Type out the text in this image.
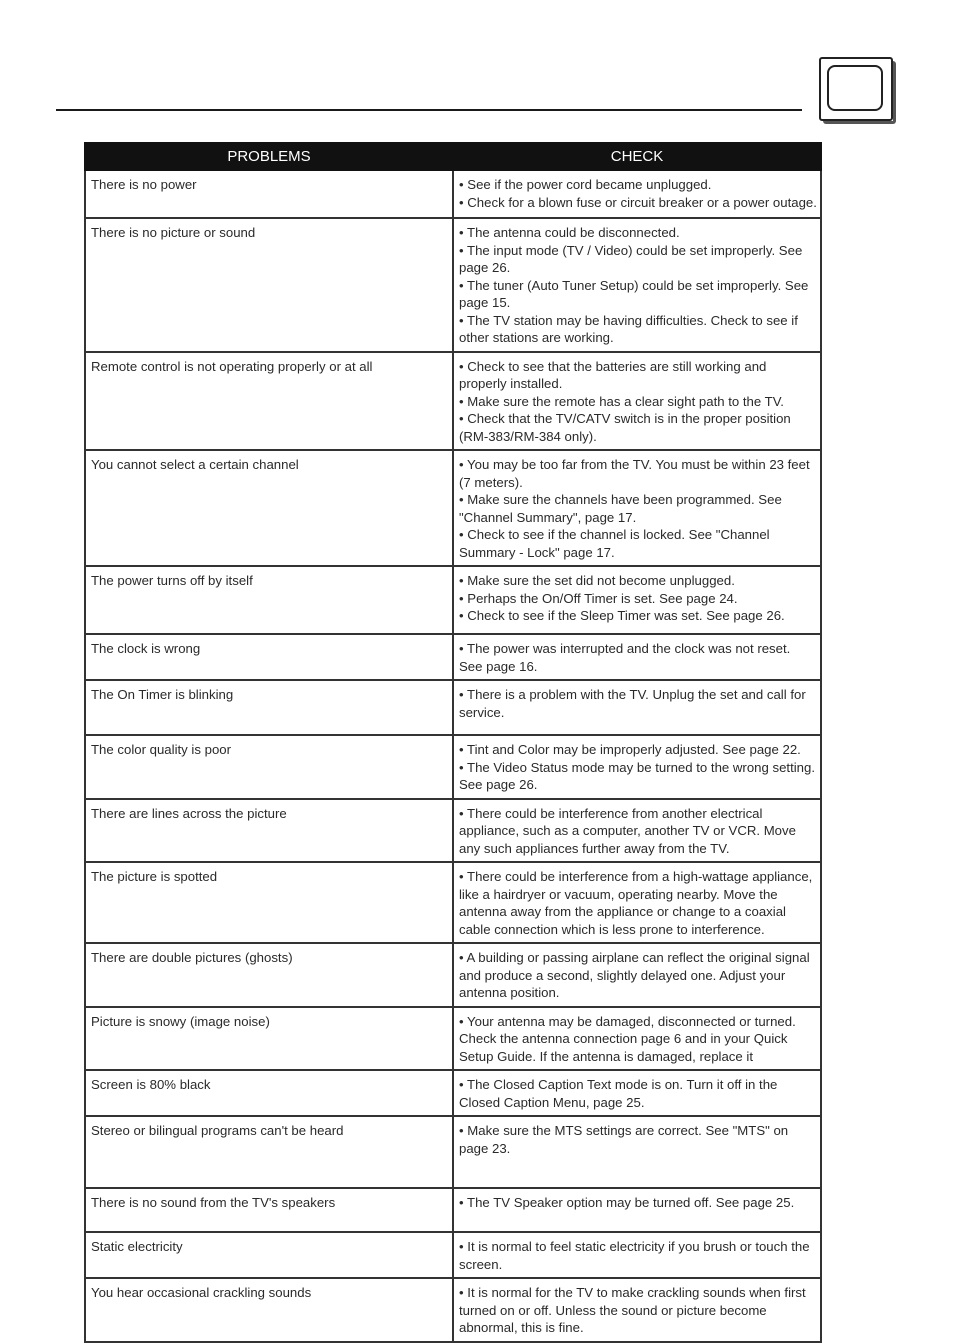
PROBLEMS	CHECK
There is no power	• See if the power cord became unplugged.
• Check for a blown fuse or circuit breaker or a power outage.

There is no picture or sound	• The antenna could be disconnected.
• The input mode (TV / Video) could be set improperly. See page 26.
• The tuner (Auto Tuner Setup) could be set improperly. See page 15.
• The TV station may be having difficulties. Check to see if other stations are working.

Remote control is not operating properly or at all	• Check to see that the batteries are still working and properly installed.
• Make sure the remote has a clear sight path to the TV.
• Check that the TV/CATV switch is in the proper position (RM-383/RM-384 only).

You cannot select a certain channel	• You may be too far from the TV. You must be within 23 feet (7 meters).
• Make sure the channels have been programmed. See "Channel Summary", page 17.
• Check to see if the channel is locked. See "Channel Summary - Lock" page 17.

The power turns off by itself	• Make sure the set did not become unplugged.
• Perhaps the On/Off Timer is set. See page 24.
• Check to see if the Sleep Timer was set. See page 26.

The clock is wrong	• The power was interrupted and the clock was not reset. See page 16.

The On Timer is blinking	• There is a problem with the TV. Unplug the set and call for service.

The color quality is poor	• Tint and Color may be improperly adjusted. See page 22.
• The Video Status mode may be turned to the wrong setting. See page 26.

There are lines across the picture	• There could be interference from another electrical appliance, such as a computer, another TV or VCR. Move any such appliances further away from the TV.

The picture is spotted	• There could be interference from a high-wattage appliance, like a hairdryer or vacuum, operating nearby. Move the antenna away from the appliance or change to a coaxial cable connection which is less prone to interference.

There are double pictures (ghosts)	• A building or passing airplane can reflect the original signal and produce a second, slightly delayed one. Adjust your antenna position.

Picture is snowy (image noise)	• Your antenna may be damaged, disconnected or turned. Check the antenna connection page 6 and in your Quick Setup Guide. If the antenna is damaged, replace it

Screen is 80% black	• The Closed Caption Text mode is on. Turn it off in the Closed Caption Menu, page 25.

Stereo or bilingual programs can't be heard	• Make sure the MTS settings are correct. See "MTS" on page 23.

There is no sound from the TV's speakers	• The TV Speaker option may be turned off. See page 25.

Static electricity	• It is normal to feel static electricity if you brush or touch the screen.

You hear occasional crackling sounds	• It is normal for the TV to make crackling sounds when first turned on or off. Unless the sound or picture become abnormal, this is fine.
